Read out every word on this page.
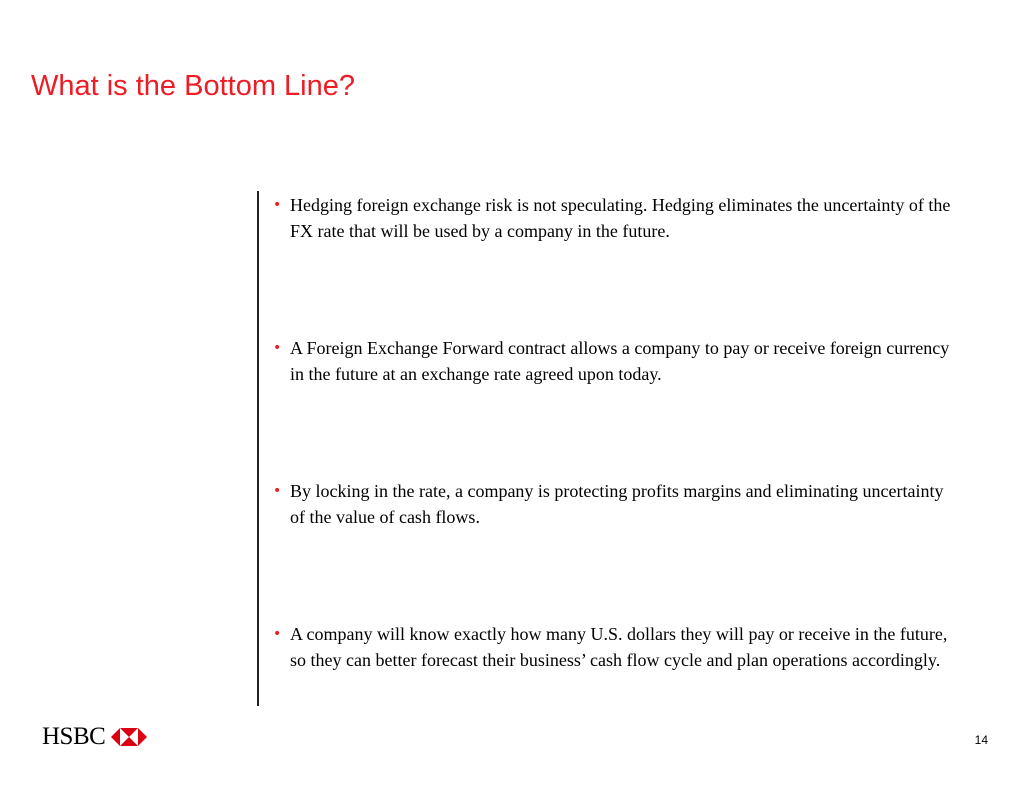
What is the Bottom Line?
• Hedging foreign exchange risk is not speculating. Hedging eliminates the uncertainty of the FX rate that will be used by a company in the future.
• A Foreign Exchange Forward contract allows a company to pay or receive foreign currency in the future at an exchange rate agreed upon today.
• By locking in the rate, a company is protecting profits margins and eliminating uncertainty of the value of cash flows.
• A company will know exactly how many U.S. dollars they will pay or receive in the future, so they can better forecast their business’ cash flow cycle and plan operations accordingly.
HSBC	14
